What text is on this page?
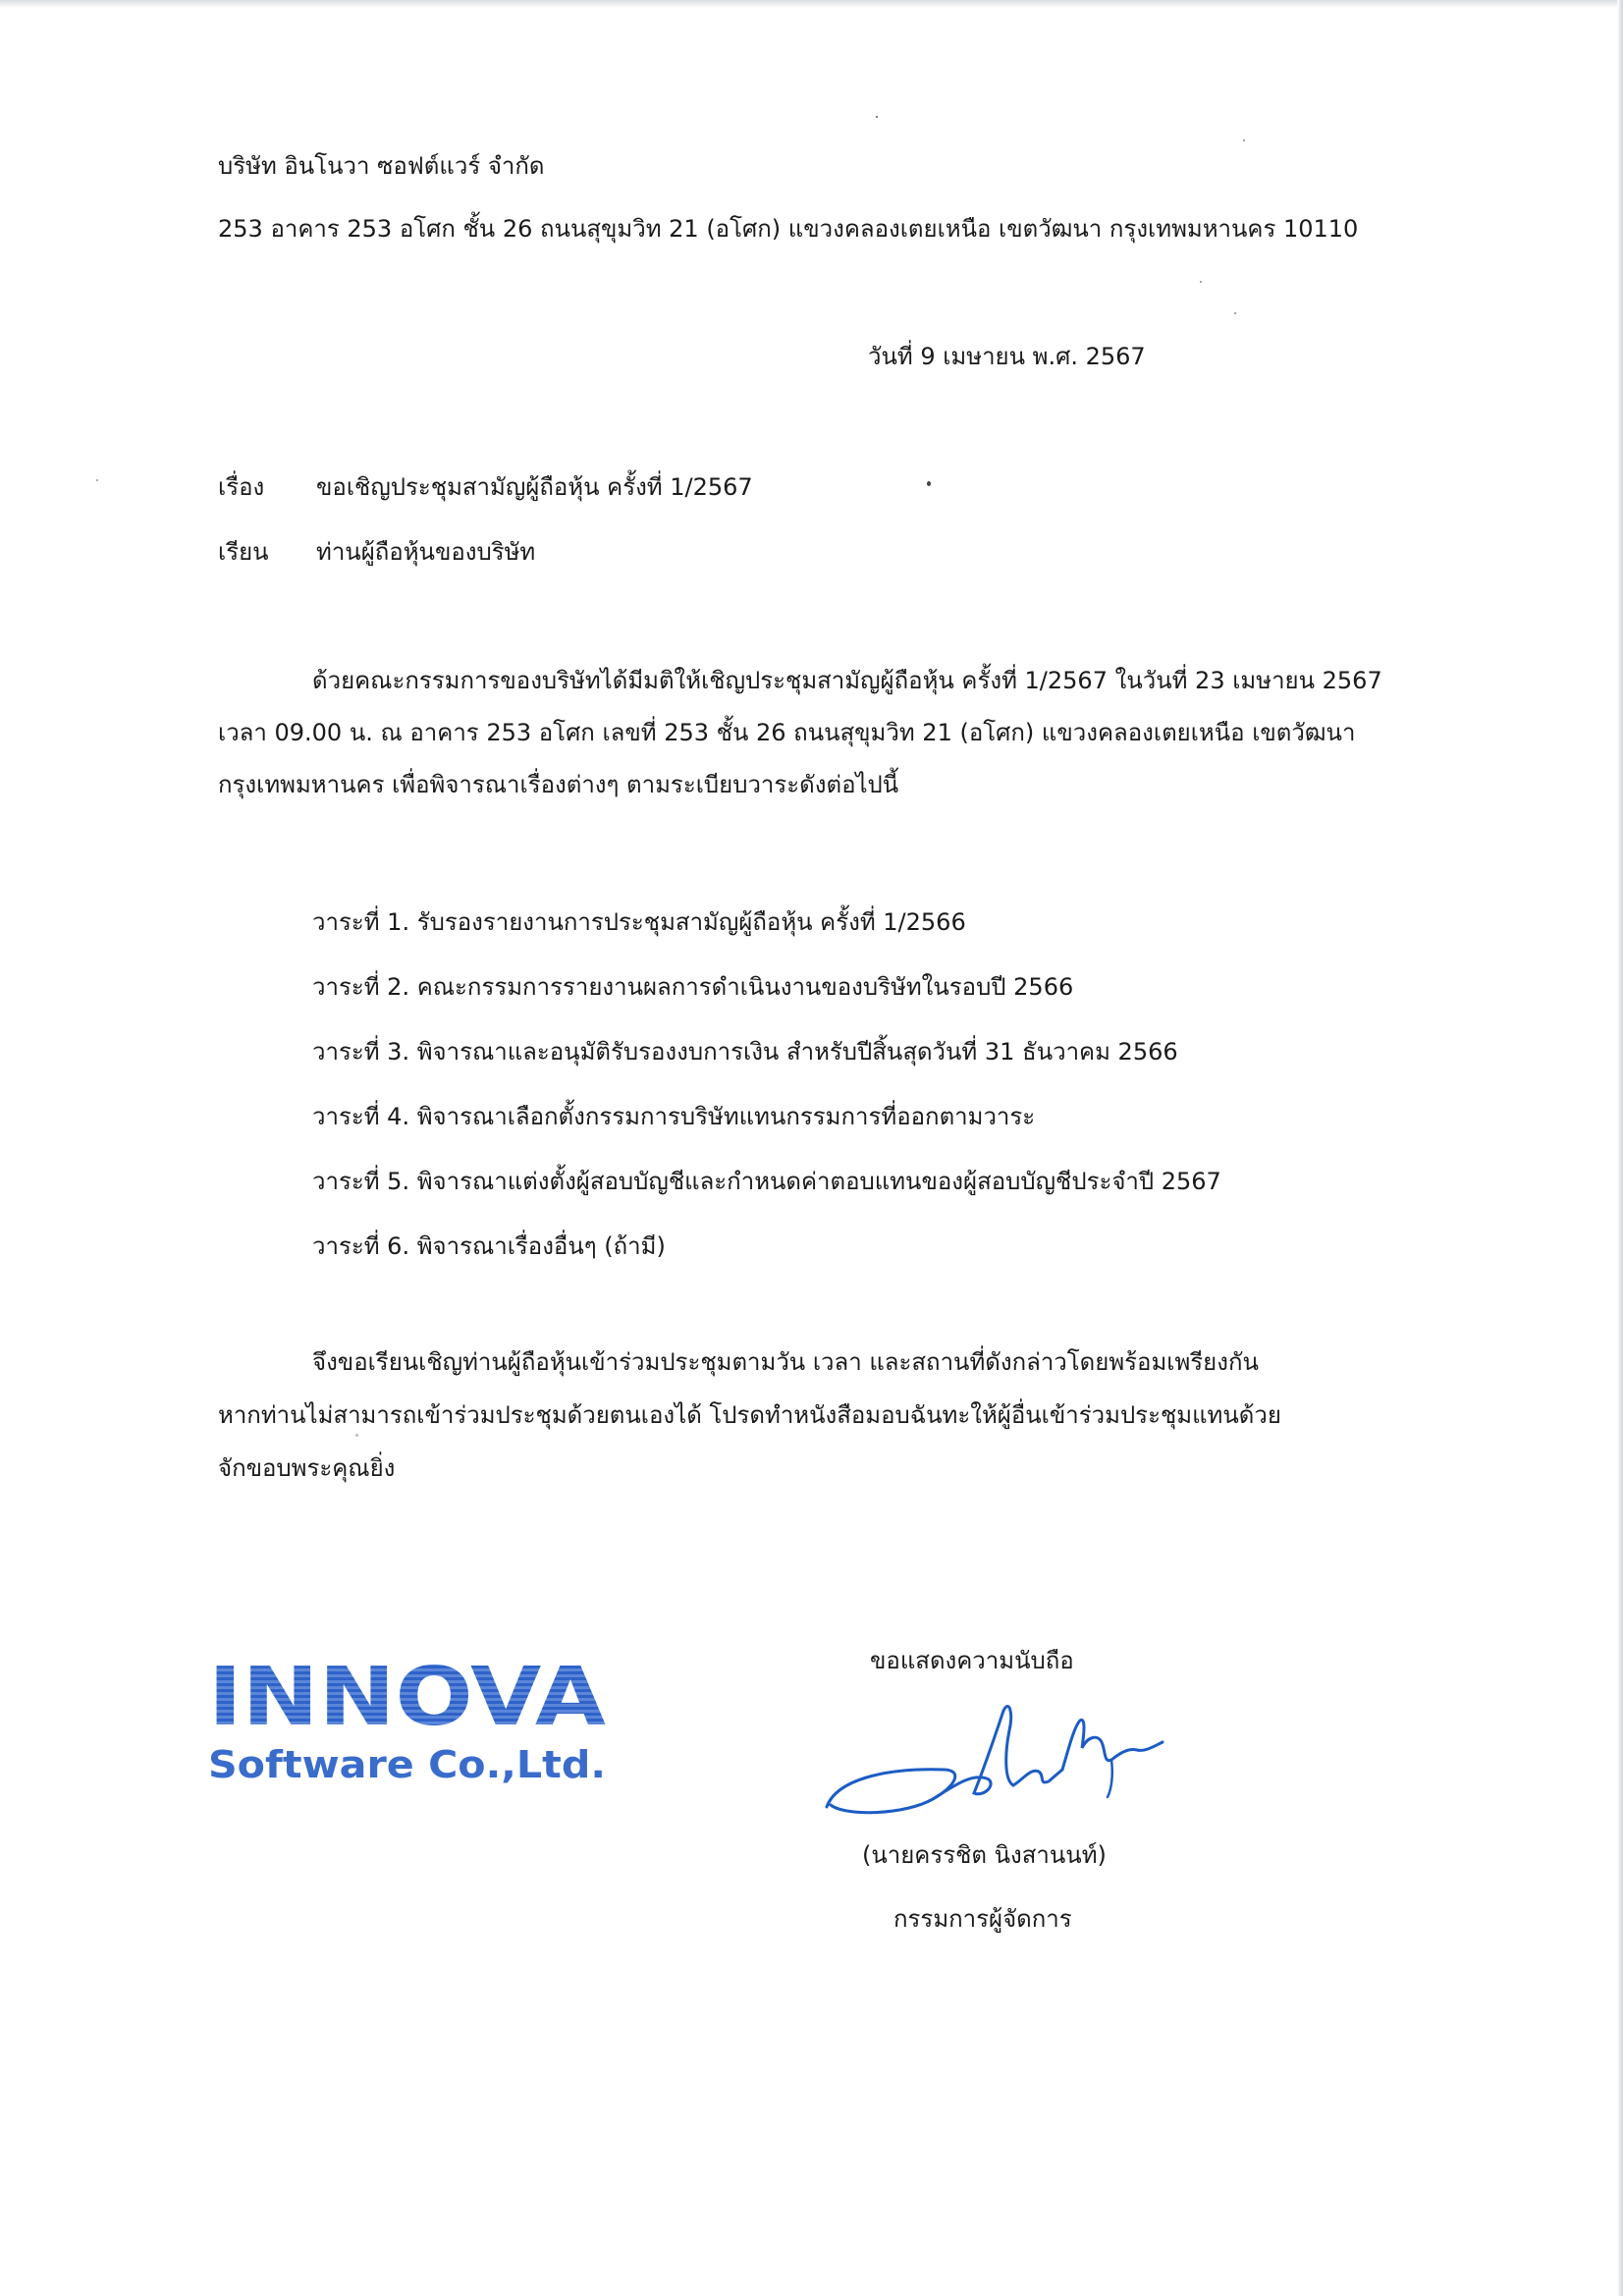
บริษัท อินโนวา ซอฟต์แวร์ จำกัด
253 อาคาร 253 อโศก ชั้น 26 ถนนสุขุมวิท 21 (อโศก) แขวงคลองเตยเหนือ เขตวัฒนา กรุงเทพมหานคร 10110
วันที่ 9 เมษายน พ.ศ. 2567
เรื่อง ขอเชิญประชุมสามัญผู้ถือหุ้น ครั้งที่ 1/2567
เรียน ท่านผู้ถือหุ้นของบริษัท
ด้วยคณะกรรมการของบริษัทได้มีมติให้เชิญประชุมสามัญผู้ถือหุ้น ครั้งที่ 1/2567 ในวันที่ 23 เมษายน 2567
เวลา 09.00 น. ณ อาคาร 253 อโศก เลขที่ 253 ชั้น 26 ถนนสุขุมวิท 21 (อโศก) แขวงคลองเตยเหนือ เขตวัฒนา
กรุงเทพมหานคร เพื่อพิจารณาเรื่องต่างๆ ตามระเบียบวาระดังต่อไปนี้
วาระที่ 1. รับรองรายงานการประชุมสามัญผู้ถือหุ้น ครั้งที่ 1/2566
วาระที่ 2. คณะกรรมการรายงานผลการดำเนินงานของบริษัทในรอบปี 2566
วาระที่ 3. พิจารณาและอนุมัติรับรองงบการเงิน สำหรับปีสิ้นสุดวันที่ 31 ธันวาคม 2566
วาระที่ 4. พิจารณาเลือกตั้งกรรมการบริษัทแทนกรรมการที่ออกตามวาระ
วาระที่ 5. พิจารณาแต่งตั้งผู้สอบบัญชีและกำหนดค่าตอบแทนของผู้สอบบัญชีประจำปี 2567
วาระที่ 6. พิจารณาเรื่องอื่นๆ (ถ้ามี)
จึงขอเรียนเชิญท่านผู้ถือหุ้นเข้าร่วมประชุมตามวัน เวลา และสถานที่ดังกล่าวโดยพร้อมเพรียงกัน
หากท่านไม่สามารถเข้าร่วมประชุมด้วยตนเองได้ โปรดทำหนังสือมอบฉันทะให้ผู้อื่นเข้าร่วมประชุมแทนด้วย
จักขอบพระคุณยิ่ง
ขอแสดงความนับถือ
INNOVA
Software Co.,Ltd.
(นายครรชิต นิงสานนท์)
กรรมการผู้จัดการ
